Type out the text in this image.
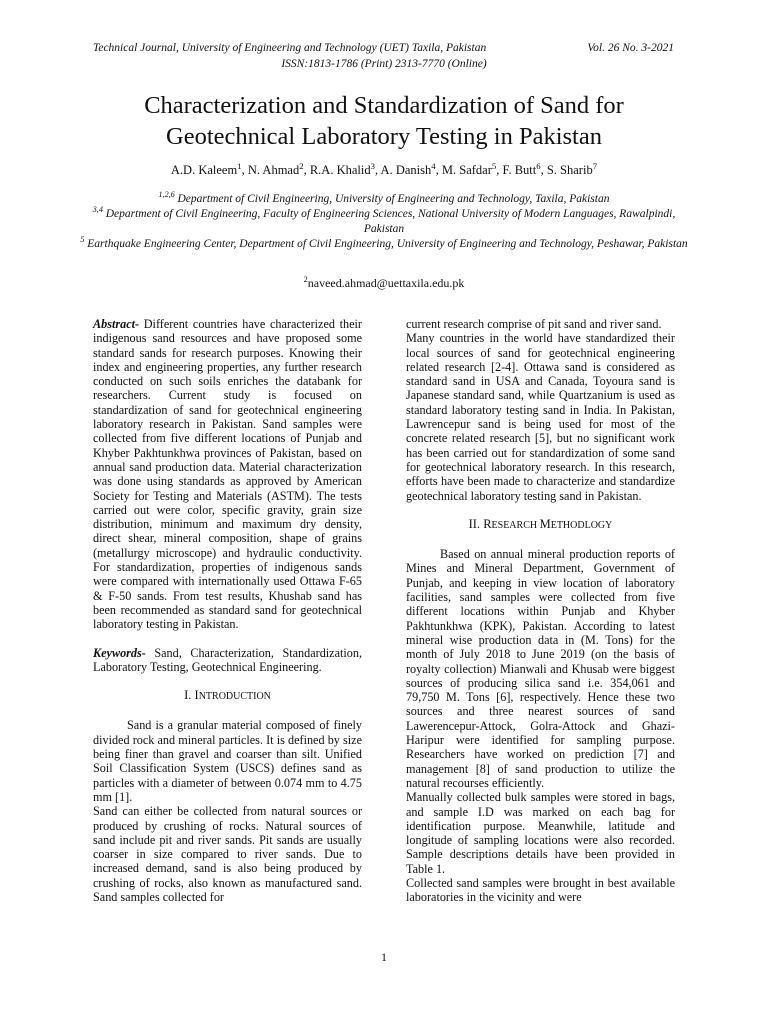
Technical Journal, University of Engineering and Technology (UET) Taxila, Pakistan	Vol. 26 No. 3-2021
ISSN:1813-1786 (Print) 2313-7770 (Online)
Characterization and Standardization of Sand for
Geotechnical Laboratory Testing in Pakistan
A.D. Kaleem$^1$, N. Ahmad$^2$, R.A. Khalid$^3$, A. Danish$^4$, M. Safdar$^5$, F. Butt$^6$, S. Sharib$^7$
$^{1,2,6}$ Department of Civil Engineering, University of Engineering and Technology, Taxila, Pakistan
$^{3,4}$ Department of Civil Engineering, Faculty of Engineering Sciences, National University of Modern Languages, Rawalpindi, Pakistan
$^5$ Earthquake Engineering Center, Department of Civil Engineering, University of Engineering and Technology, Peshawar, Pakistan
$^2$naveed.ahmad@uettaxila.edu.pk

Abstract- Different countries have characterized their indigenous sand resources and have proposed some standard sands for research purposes. Knowing their index and engineering properties, any further research conducted on such soils enriches the databank for researchers. Current study is focused on standardization of sand for geotechnical engineering laboratory research in Pakistan. Sand samples were collected from five different locations of Punjab and Khyber Pakhtunkhwa provinces of Pakistan, based on annual sand production data. Material characterization was done using standards as approved by American Society for Testing and Materials (ASTM). The tests carried out were color, specific gravity, grain size distribution, minimum and maximum dry density, direct shear, mineral composition, shape of grains (metallurgy microscope) and hydraulic conductivity. For standardization, properties of indigenous sands were compared with internationally used Ottawa F-65 & F-50 sands. From test results, Khushab sand has been recommended as standard sand for geotechnical laboratory testing in Pakistan.

Keywords- Sand, Characterization, Standardization, Laboratory Testing, Geotechnical Engineering.

I. INTRODUCTION

Sand is a granular material composed of finely divided rock and mineral particles. It is defined by size being finer than gravel and coarser than silt. Unified Soil Classification System (USCS) defines sand as particles with a diameter of between 0.074 mm to 4.75 mm [1].

Sand can either be collected from natural sources or produced by crushing of rocks. Natural sources of sand include pit and river sands. Pit sands are usually coarser in size compared to river sands. Due to increased demand, sand is also being produced by crushing of rocks, also known as manufactured sand. Sand samples collected for

current research comprise of pit sand and river sand.

Many countries in the world have standardized their local sources of sand for geotechnical engineering related research [2-4]. Ottawa sand is considered as standard sand in USA and Canada, Toyoura sand is Japanese standard sand, while Quartzanium is used as standard laboratory testing sand in India. In Pakistan, Lawrencepur sand is being used for most of the concrete related research [5], but no significant work has been carried out for standardization of some sand for geotechnical laboratory research. In this research, efforts have been made to characterize and standardize geotechnical laboratory testing sand in Pakistan.

II. RESEARCH METHODLOGY

Based on annual mineral production reports of Mines and Mineral Department, Government of Punjab, and keeping in view location of laboratory facilities, sand samples were collected from five different locations within Punjab and Khyber Pakhtunkhwa (KPK), Pakistan. According to latest mineral wise production data in (M. Tons) for the month of July 2018 to June 2019 (on the basis of royalty collection) Mianwali and Khusab were biggest sources of producing silica sand i.e. 354,061 and 79,750 M. Tons [6], respectively. Hence these two sources and three nearest sources of sand Lawerencepur-Attock, Golra-Attock and Ghazi-Haripur were identified for sampling purpose. Researchers have worked on prediction [7] and management [8] of sand production to utilize the natural recourses efficiently.

Manually collected bulk samples were stored in bags, and sample I.D was marked on each bag for identification purpose. Meanwhile, latitude and longitude of sampling locations were also recorded. Sample descriptions details have been provided in Table 1.

Collected sand samples were brought in best available laboratories in the vicinity and were

1
